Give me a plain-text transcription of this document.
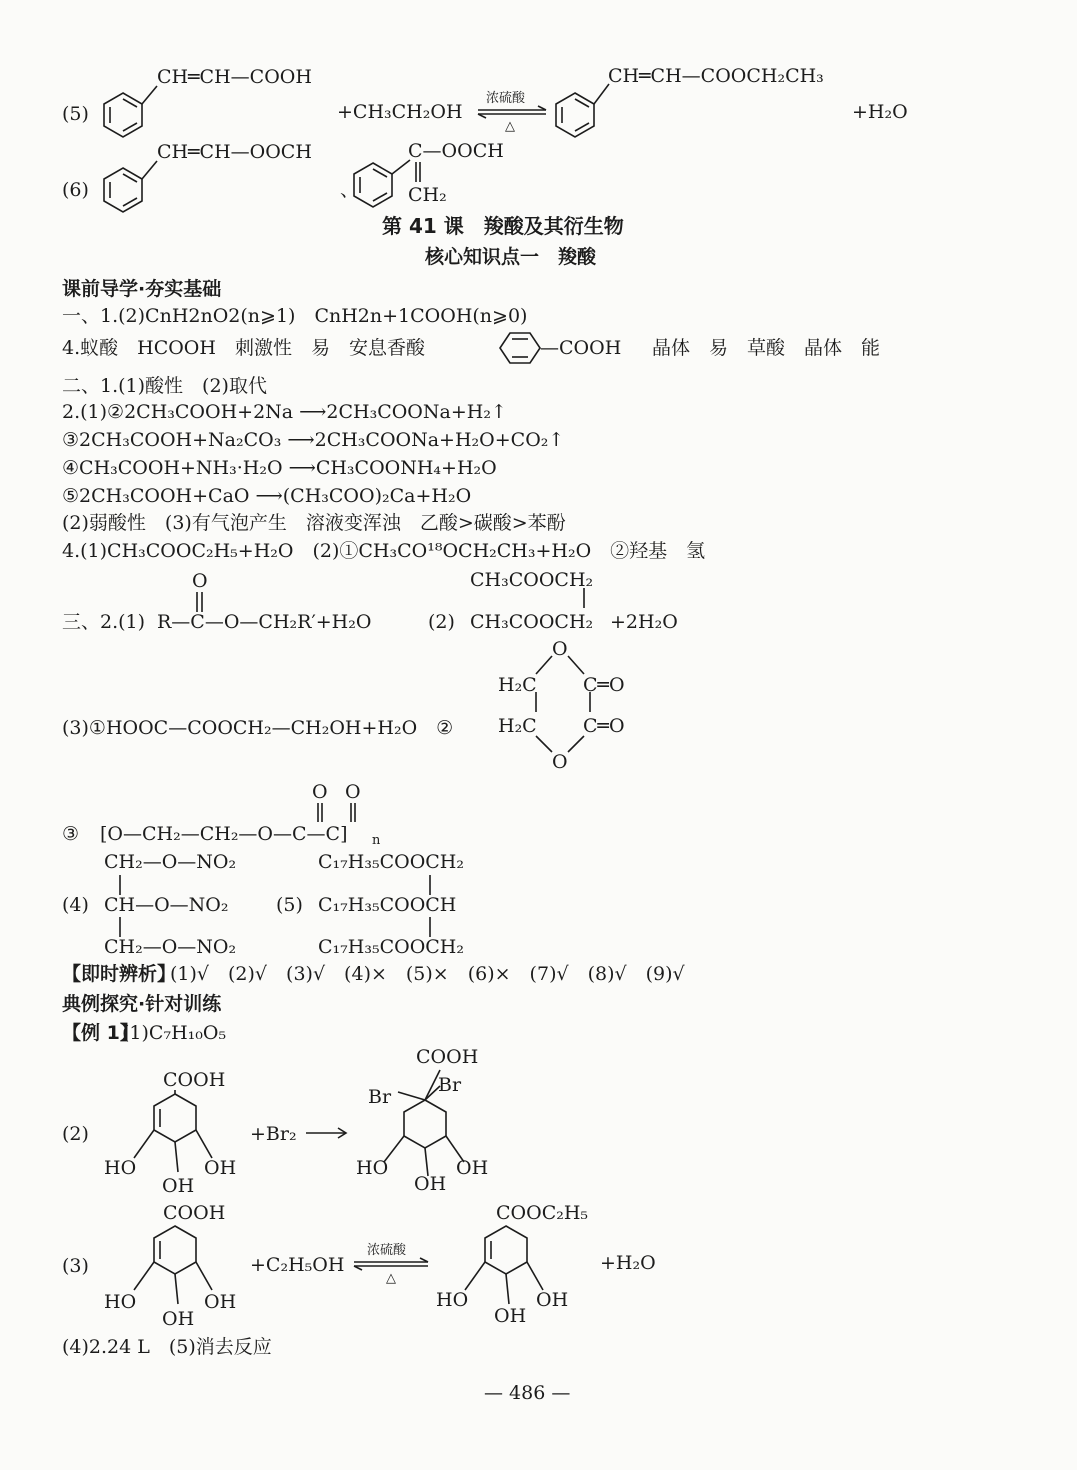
(5)
CH═CH—COOH
+CH₃CH₂OH
浓硫酸
△
CH═CH—COOCH₂CH₃
+H₂O
(6)
CH═CH—OOCH
、
C—OOCH
CH₂
第 41 课　羧酸及其衍生物
核心知识点一　羧酸
课前导学·夯实基础
一、1.(2)CnH2nO2(n⩾1)　CnH2n+1COOH(n⩾0)
4.蚁酸　HCOOH　刺激性　易　安息香酸	—COOH 晶体　易　草酸　晶体　能
二、1.(1)酸性　(2)取代
2.(1)②2CH₃COOH+2Na ⟶2CH₃COONa+H₂↑
③2CH₃COOH+Na₂CO₃ ⟶2CH₃COONa+H₂O+CO₂↑
④CH₃COOH+NH₃·H₂O ⟶CH₃COONH₄+H₂O
⑤2CH₃COOH+CaO ⟶(CH₃COO)₂Ca+H₂O
(2)弱酸性　(3)有气泡产生　溶液变浑浊　乙酸>碳酸>苯酚
4.(1)CH₃COOC₂H₅+H₂O　(2)①CH₃CO¹⁸OCH₂CH₃+H₂O　②羟基　氢
O
三、2.(1) R—C—O—CH₂R′+H₂O	(2)
CH₃COOCH₂
CH₃COOCH₂ +2H₂O
O
H₂C C═O
(3)①HOOC—COOCH₂—CH₂OH+H₂O　② H₂C C═O
O
O O
③ [O—CH₂—CH₂—O—C—C] n
CH₂—O—NO₂
(4) CH—O—NO₂
CH₂—O—NO₂
C₁₇H₃₅COOCH₂
(5) C₁₇H₃₅COOCH
C₁₇H₃₅COOCH₂
【即时辨析】
(1)√　(2)√　(3)√　(4)×　(5)×　(6)×　(7)√　(8)√　(9)√
典例探究·针对训练
【例 1】
(1)C₇H₁₀O₅
(2)
COOH
HO
OH
OH
+Br₂
COOH
Br
Br
HO
OH
OH
(3)
COOH
HO
OH
OH
+C₂H₅OH
浓硫酸
△
COOC₂H₅
HO
OH
OH
+H₂O
(4)2.24 L　(5)消去反应
— 486 —
